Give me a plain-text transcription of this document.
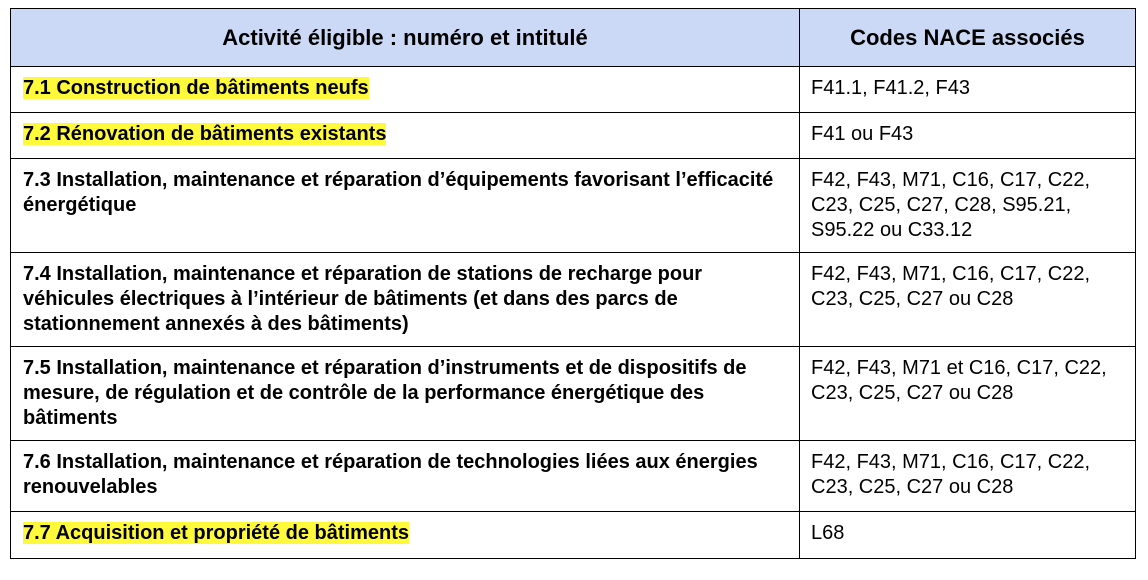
Activité éligible : numéro et intitulé	Codes NACE associés
7.1 Construction de bâtiments neufs	F41.1, F41.2, F43
7.2 Rénovation de bâtiments existants	F41 ou F43
7.3 Installation, maintenance et réparation d’équipements favorisant l’efficacité énergétique	F42, F43, M71, C16, C17, C22, C23, C25, C27, C28, S95.21, S95.22 ou C33.12
7.4 Installation, maintenance et réparation de stations de recharge pour véhicules électriques à l’intérieur de bâtiments (et dans des parcs de stationnement annexés à des bâtiments)	F42, F43, M71, C16, C17, C22, C23, C25, C27 ou C28
7.5 Installation, maintenance et réparation d’instruments et de dispositifs de mesure, de régulation et de contrôle de la performance énergétique des bâtiments	F42, F43, M71 et C16, C17, C22, C23, C25, C27 ou C28
7.6 Installation, maintenance et réparation de technologies liées aux énergies renouvelables	F42, F43, M71, C16, C17, C22, C23, C25, C27 ou C28
7.7 Acquisition et propriété de bâtiments	L68
